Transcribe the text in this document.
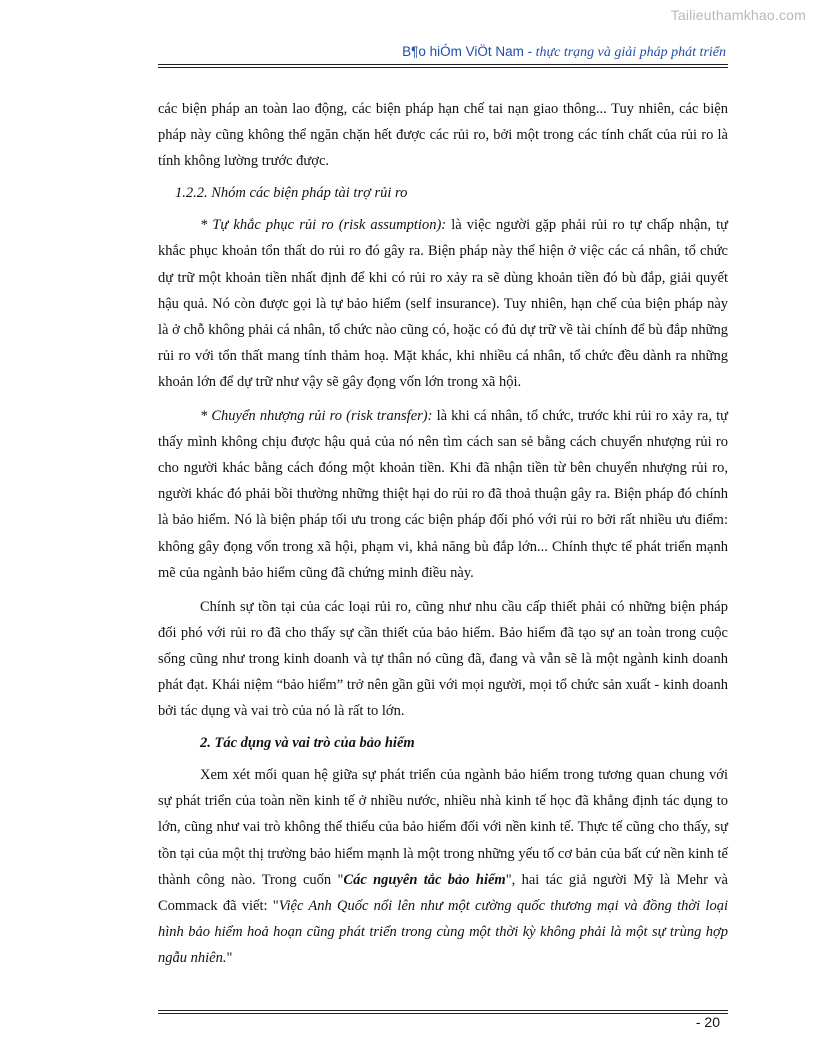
Tailieuthamkhao.com
B¶o hiÓm ViÖt Nam - thực trạng và giải pháp phát triển

các biện pháp an toàn lao động, các biện pháp hạn chế tai nạn giao thông... Tuy nhiên, các biện pháp này cũng không thể ngăn chặn hết được các rủi ro, bởi một trong các tính chất của rủi ro là tính không lường trước được.

1.2.2. Nhóm các biện pháp tài trợ rủi ro

* Tự khắc phục rủi ro (risk assumption): là việc người gặp phải rủi ro tự chấp nhận, tự khắc phục khoản tổn thất do rủi ro đó gây ra. Biện pháp này thể hiện ở việc các cá nhân, tổ chức dự trữ một khoản tiền nhất định để khi có rủi ro xảy ra sẽ dùng khoản tiền đó bù đắp, giải quyết hậu quả. Nó còn được gọi là tự bảo hiểm (self insurance). Tuy nhiên, hạn chế của biện pháp này là ở chỗ không phải cá nhân, tổ chức nào cũng có, hoặc có đủ dự trữ về tài chính để bù đắp những rủi ro với tổn thất mang tính thảm hoạ. Mặt khác, khi nhiều cá nhân, tổ chức đều dành ra những khoản lớn để dự trữ như vậy sẽ gây đọng vốn lớn trong xã hội.

* Chuyển nhượng rủi ro (risk transfer): là khi cá nhân, tổ chức, trước khi rủi ro xảy ra, tự thấy mình không chịu được hậu quả của nó nên tìm cách san sẻ bằng cách chuyển nhượng rủi ro cho người khác bằng cách đóng một khoản tiền. Khi đã nhận tiền từ bên chuyển nhượng rủi ro, người khác đó phải bồi thường những thiệt hại do rủi ro đã thoả thuận gây ra. Biện pháp đó chính là bảo hiểm. Nó là biện pháp tối ưu trong các biện pháp đối phó với rủi ro bởi rất nhiều ưu điểm: không gây đọng vốn trong xã hội, phạm vi, khả năng bù đắp lớn... Chính thực tế phát triển mạnh mẽ của ngành bảo hiểm cũng đã chứng minh điều này.

Chính sự tồn tại của các loại rủi ro, cũng như nhu cầu cấp thiết phải có những biện pháp đối phó với rủi ro đã cho thấy sự cần thiết của bảo hiểm. Bảo hiểm đã tạo sự an toàn trong cuộc sống cũng như trong kinh doanh và tự thân nó cũng đã, đang và vẫn sẽ là một ngành kinh doanh phát đạt. Khái niệm “bảo hiểm” trở nên gần gũi với mọi người, mọi tổ chức sản xuất - kinh doanh bởi tác dụng và vai trò của nó là rất to lớn.

2. Tác dụng và vai trò của bảo hiểm

Xem xét mối quan hệ giữa sự phát triển của ngành bảo hiểm trong tương quan chung với sự phát triển của toàn nền kinh tế ở nhiều nước, nhiều nhà kinh tế học đã khẳng định tác dụng to lớn, cũng như vai trò không thể thiếu của bảo hiểm đối với nền kinh tế. Thực tế cũng cho thấy, sự tồn tại của một thị trường bảo hiểm mạnh là một trong những yếu tố cơ bản của bất cứ nền kinh tế thành công nào. Trong cuốn "Các nguyên tắc bảo hiểm", hai tác giả người Mỹ là Mehr và Commack đã viết: "Việc Anh Quốc nổi lên như một cường quốc thương mại và đồng thời loại hình bảo hiểm hoả hoạn cũng phát triển trong cùng một thời kỳ không phải là một sự trùng hợp ngẫu nhiên."

- 20
